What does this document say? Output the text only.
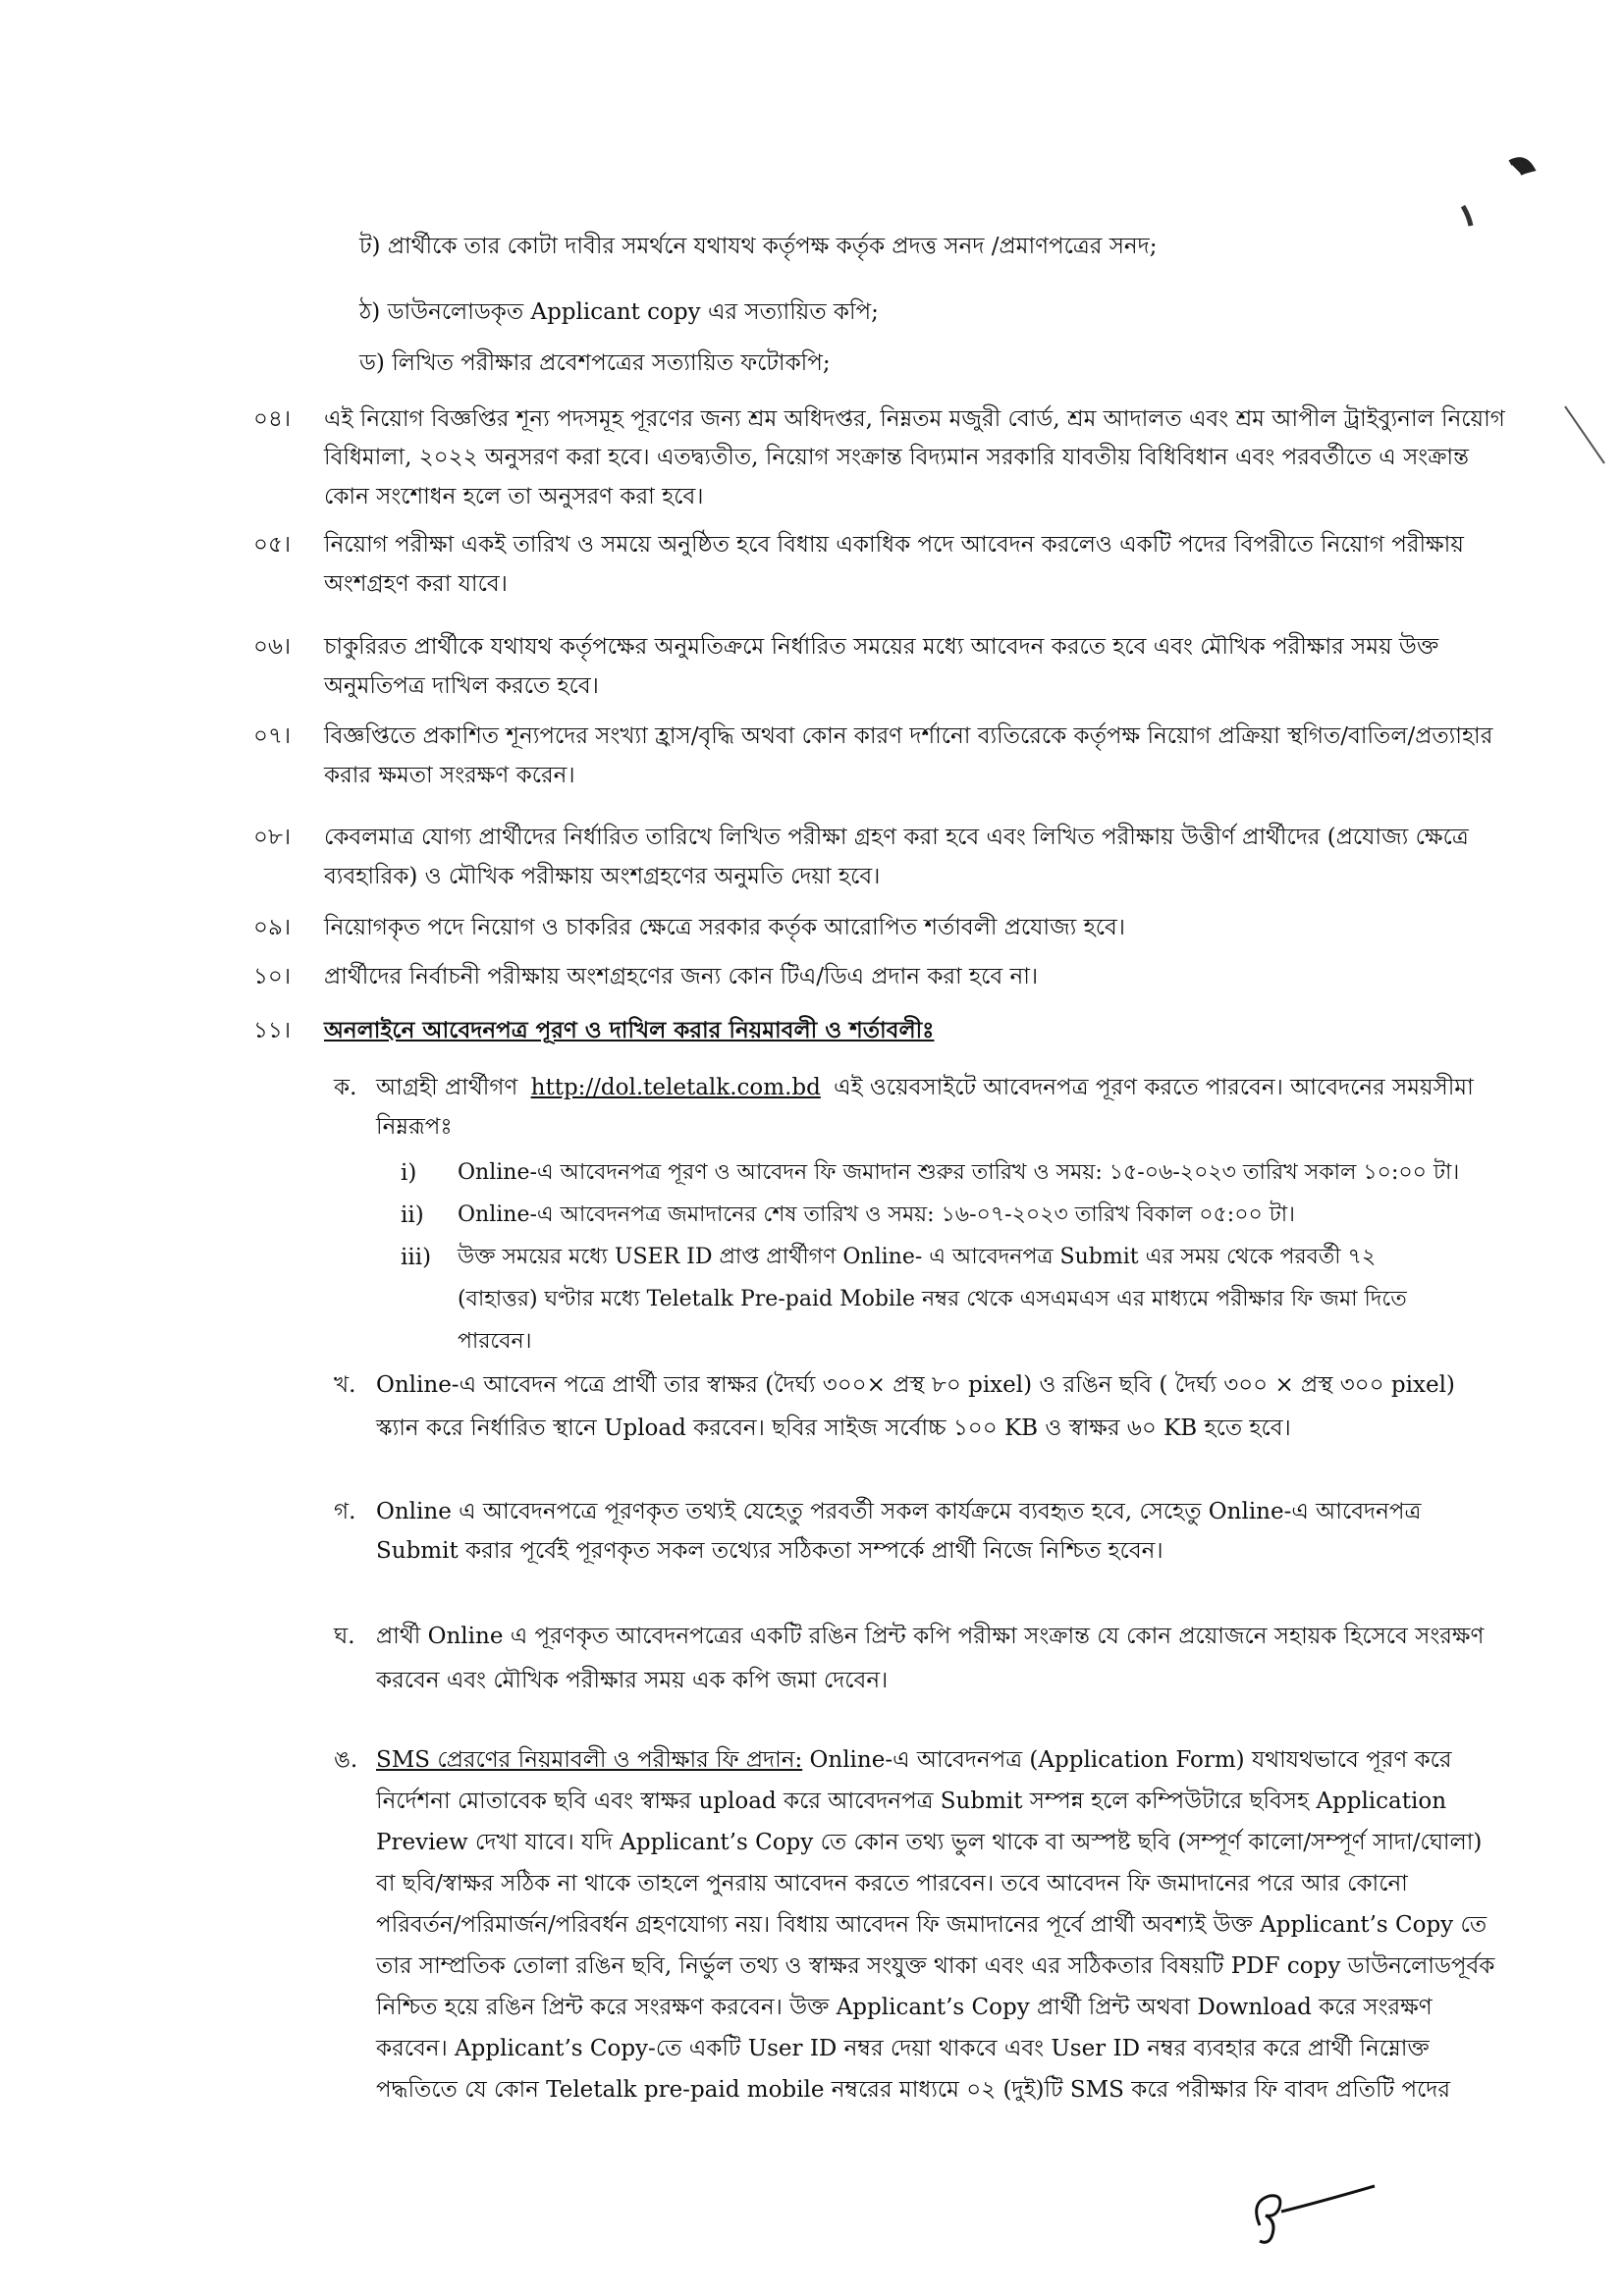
ট) প্রার্থীকে তার কোটা দাবীর সমর্থনে যথাযথ কর্তৃপক্ষ কর্তৃক প্রদত্ত সনদ /প্রমাণপত্রের সনদ;
ঠ) ডাউনলোডকৃত Applicant copy এর সত্যায়িত কপি;
ড) লিখিত পরীক্ষার প্রবেশপত্রের সত্যায়িত ফটোকপি;
০৪। এই নিয়োগ বিজ্ঞপ্তির শূন্য পদসমূহ পূরণের জন্য শ্রম অধিদপ্তর, নিম্নতম মজুরী বোর্ড, শ্রম আদালত এবং শ্রম আপীল ট্রাইব্যুনাল নিয়োগ
বিধিমালা, ২০২২ অনুসরণ করা হবে। এতদ্ব্যতীত, নিয়োগ সংক্রান্ত বিদ্যমান সরকারি যাবতীয় বিধিবিধান এবং পরবর্তীতে এ সংক্রান্ত
কোন সংশোধন হলে তা অনুসরণ করা হবে।
০৫। নিয়োগ পরীক্ষা একই তারিখ ও সময়ে অনুষ্ঠিত হবে বিধায় একাধিক পদে আবেদন করলেও একটি পদের বিপরীতে নিয়োগ পরীক্ষায়
অংশগ্রহণ করা যাবে।
০৬। চাকুরিরত প্রার্থীকে যথাযথ কর্তৃপক্ষের অনুমতিক্রমে নির্ধারিত সময়ের মধ্যে আবেদন করতে হবে এবং মৌখিক পরীক্ষার সময় উক্ত
অনুমতিপত্র দাখিল করতে হবে।
০৭। বিজ্ঞপ্তিতে প্রকাশিত শূন্যপদের সংখ্যা হ্রাস/বৃদ্ধি অথবা কোন কারণ দর্শানো ব্যতিরেকে কর্তৃপক্ষ নিয়োগ প্রক্রিয়া স্থগিত/বাতিল/প্রত্যাহার
করার ক্ষমতা সংরক্ষণ করেন।
০৮। কেবলমাত্র যোগ্য প্রার্থীদের নির্ধারিত তারিখে লিখিত পরীক্ষা গ্রহণ করা হবে এবং লিখিত পরীক্ষায় উত্তীর্ণ প্রার্থীদের (প্রযোজ্য ক্ষেত্রে
ব্যবহারিক) ও মৌখিক পরীক্ষায় অংশগ্রহণের অনুমতি দেয়া হবে।
০৯। নিয়োগকৃত পদে নিয়োগ ও চাকরির ক্ষেত্রে সরকার কর্তৃক আরোপিত শর্তাবলী প্রযোজ্য হবে।
১০। প্রার্থীদের নির্বাচনী পরীক্ষায় অংশগ্রহণের জন্য কোন টিএ/ডিএ প্রদান করা হবে না।
১১। অনলাইনে আবেদনপত্র পূরণ ও দাখিল করার নিয়মাবলী ও শর্তাবলীঃ
ক. আগ্রহী প্রার্থীগণ http://dol.teletalk.com.bd এই ওয়েবসাইটে আবেদনপত্র পূরণ করতে পারবেন। আবেদনের সময়সীমা
নিম্নরূপঃ
i) Online-এ আবেদনপত্র পূরণ ও আবেদন ফি জমাদান শুরুর তারিখ ও সময়: ১৫-০৬-২০২৩ তারিখ সকাল ১০:০০ টা।
ii) Online-এ আবেদনপত্র জমাদানের শেষ তারিখ ও সময়: ১৬-০৭-২০২৩ তারিখ বিকাল ০৫:০০ টা।
iii) উক্ত সময়ের মধ্যে USER ID প্রাপ্ত প্রার্থীগণ Online- এ আবেদনপত্র Submit এর সময় থেকে পরবর্তী ৭২
(বাহাত্তর) ঘণ্টার মধ্যে Teletalk Pre-paid Mobile নম্বর থেকে এসএমএস এর মাধ্যমে পরীক্ষার ফি জমা দিতে
পারবেন।
খ. Online-এ আবেদন পত্রে প্রার্থী তার স্বাক্ষর (দৈর্ঘ্য ৩০০× প্রস্থ ৮০ pixel) ও রঙিন ছবি ( দৈর্ঘ্য ৩০০ × প্রস্থ ৩০০ pixel)
স্ক্যান করে নির্ধারিত স্থানে Upload করবেন। ছবির সাইজ সর্বোচ্চ ১০০ KB ও স্বাক্ষর ৬০ KB হতে হবে।
গ. Online এ আবেদনপত্রে পূরণকৃত তথ্যই যেহেতু পরবর্তী সকল কার্যক্রমে ব্যবহৃত হবে, সেহেতু Online-এ আবেদনপত্র
Submit করার পূর্বেই পূরণকৃত সকল তথ্যের সঠিকতা সম্পর্কে প্রার্থী নিজে নিশ্চিত হবেন।
ঘ. প্রার্থী Online এ পূরণকৃত আবেদনপত্রের একটি রঙিন প্রিন্ট কপি পরীক্ষা সংক্রান্ত যে কোন প্রয়োজনে সহায়ক হিসেবে সংরক্ষণ
করবেন এবং মৌখিক পরীক্ষার সময় এক কপি জমা দেবেন।
ঙ. SMS প্রেরণের নিয়মাবলী ও পরীক্ষার ফি প্রদান: Online-এ আবেদনপত্র (Application Form) যথাযথভাবে পূরণ করে
নির্দেশনা মোতাবেক ছবি এবং স্বাক্ষর upload করে আবেদনপত্র Submit সম্পন্ন হলে কম্পিউটারে ছবিসহ Application
Preview দেখা যাবে। যদি Applicant’s Copy তে কোন তথ্য ভুল থাকে বা অস্পষ্ট ছবি (সম্পূর্ণ কালো/সম্পূর্ণ সাদা/ঘোলা)
বা ছবি/স্বাক্ষর সঠিক না থাকে তাহলে পুনরায় আবেদন করতে পারবেন। তবে আবেদন ফি জমাদানের পরে আর কোনো
পরিবর্তন/পরিমার্জন/পরিবর্ধন গ্রহণযোগ্য নয়। বিধায় আবেদন ফি জমাদানের পূর্বে প্রার্থী অবশ্যই উক্ত Applicant’s Copy তে
তার সাম্প্রতিক তোলা রঙিন ছবি, নির্ভুল তথ্য ও স্বাক্ষর সংযুক্ত থাকা এবং এর সঠিকতার বিষয়টি PDF copy ডাউনলোডপূর্বক
নিশ্চিত হয়ে রঙিন প্রিন্ট করে সংরক্ষণ করবেন। উক্ত Applicant’s Copy প্রার্থী প্রিন্ট অথবা Download করে সংরক্ষণ
করবেন। Applicant’s Copy-তে একটি User ID নম্বর দেয়া থাকবে এবং User ID নম্বর ব্যবহার করে প্রার্থী নিম্নোক্ত
পদ্ধতিতে যে কোন Teletalk pre-paid mobile নম্বরের মাধ্যমে ০২ (দুই)টি SMS করে পরীক্ষার ফি বাবদ প্রতিটি পদের
